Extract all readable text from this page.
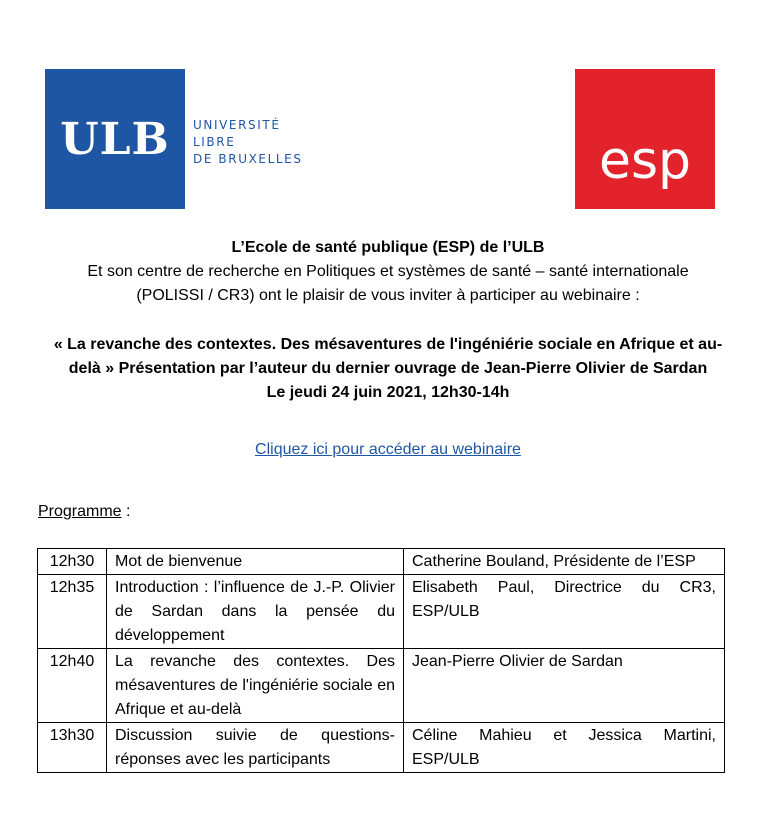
ULB UNIVERSITÉ
LIBRE
DE BRUXELLES	esp
L’Ecole de santé publique (ESP) de l’ULB
Et son centre de recherche en Politiques et systèmes de santé – santé internationale
(POLISSI / CR3) ont le plaisir de vous inviter à participer au webinaire :
« La revanche des contextes. Des mésaventures de l'ingéniérie sociale en Afrique et au-
delà » Présentation par l’auteur du dernier ouvrage de Jean-Pierre Olivier de Sardan
Le jeudi 24 juin 2021, 12h30-14h
Cliquez ici pour accéder au webinaire
Programme :
12h30	Mot de bienvenue	Catherine Bouland, Présidente de l’ESP
12h35	Introduction : l’influence de J.-P. Olivier de Sardan dans la pensée du développement	Elisabeth Paul, Directrice du CR3, ESP/ULB
12h40	La revanche des contextes. Des mésaventures de l'ingéniérie sociale en Afrique et au-delà	Jean-Pierre Olivier de Sardan
13h30	Discussion suivie de questions-réponses avec les participants	Céline Mahieu et Jessica Martini, ESP/ULB
